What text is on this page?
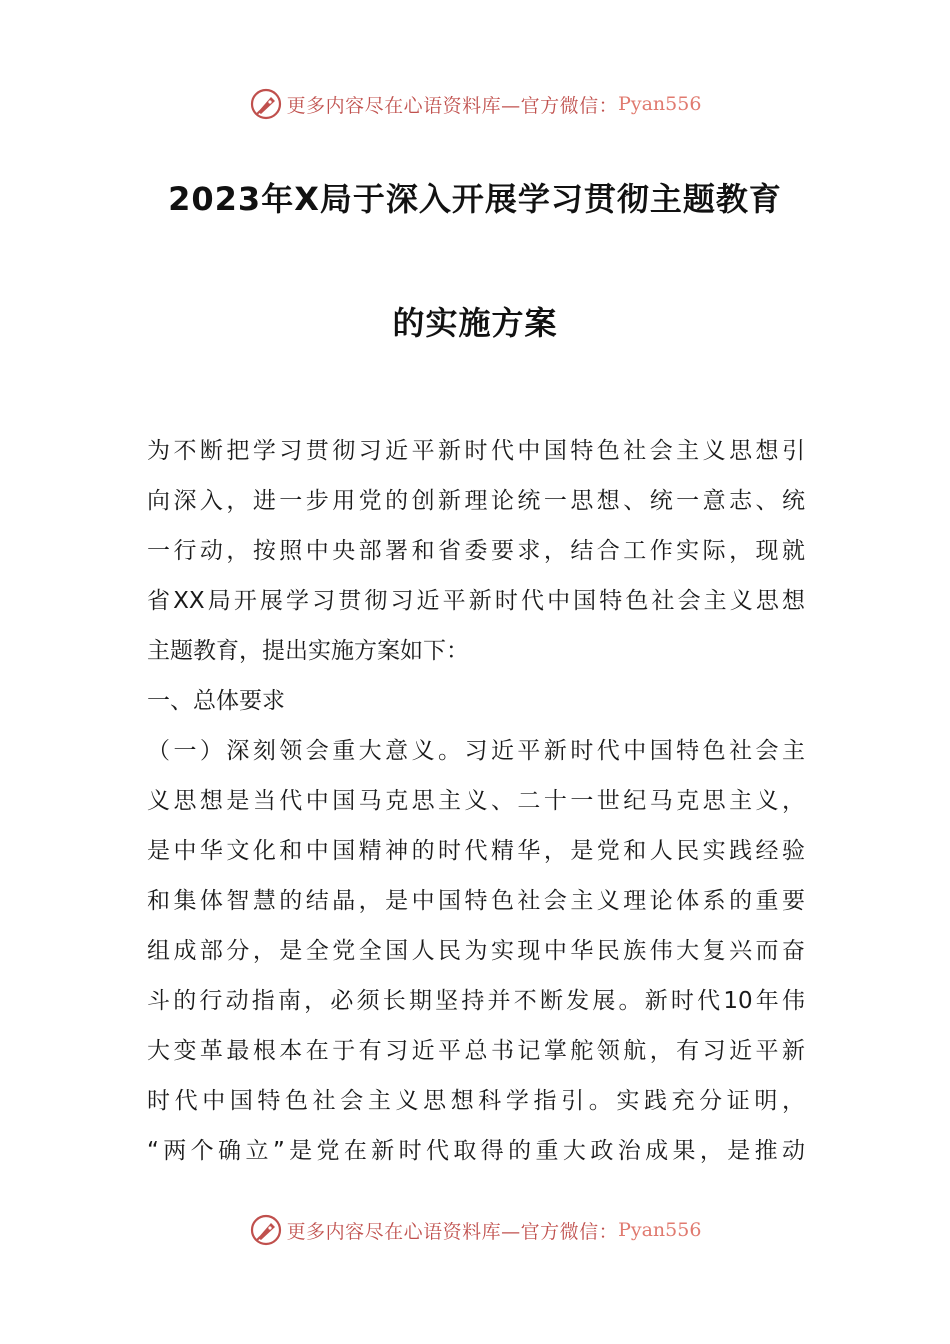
更多内容尽在心语资料库—官方微信： Pyan556
2023年X局于深入开展学习贯彻主题教育
的实施方案
为不断把学习贯彻习近平新时代中国特色社会主义思想引
向深入，进一步用党的创新理论统一思想、统一意志、统
一行动，按照中央部署和省委要求，结合工作实际，现就
省XX局开展学习贯彻习近平新时代中国特色社会主义思想
主题教育，提出实施方案如下：
一、总体要求
（一）深刻领会重大意义。习近平新时代中国特色社会主
义思想是当代中国马克思主义、二十一世纪马克思主义，
是中华文化和中国精神的时代精华，是党和人民实践经验
和集体智慧的结晶，是中国特色社会主义理论体系的重要
组成部分，是全党全国人民为实现中华民族伟大复兴而奋
斗的行动指南，必须长期坚持并不断发展。新时代10年伟
大变革最根本在于有习近平总书记掌舵领航，有习近平新
时代中国特色社会主义思想科学指引。实践充分证明，
“两个确立”是党在新时代取得的重大政治成果，是推动
更多内容尽在心语资料库—官方微信： Pyan556
